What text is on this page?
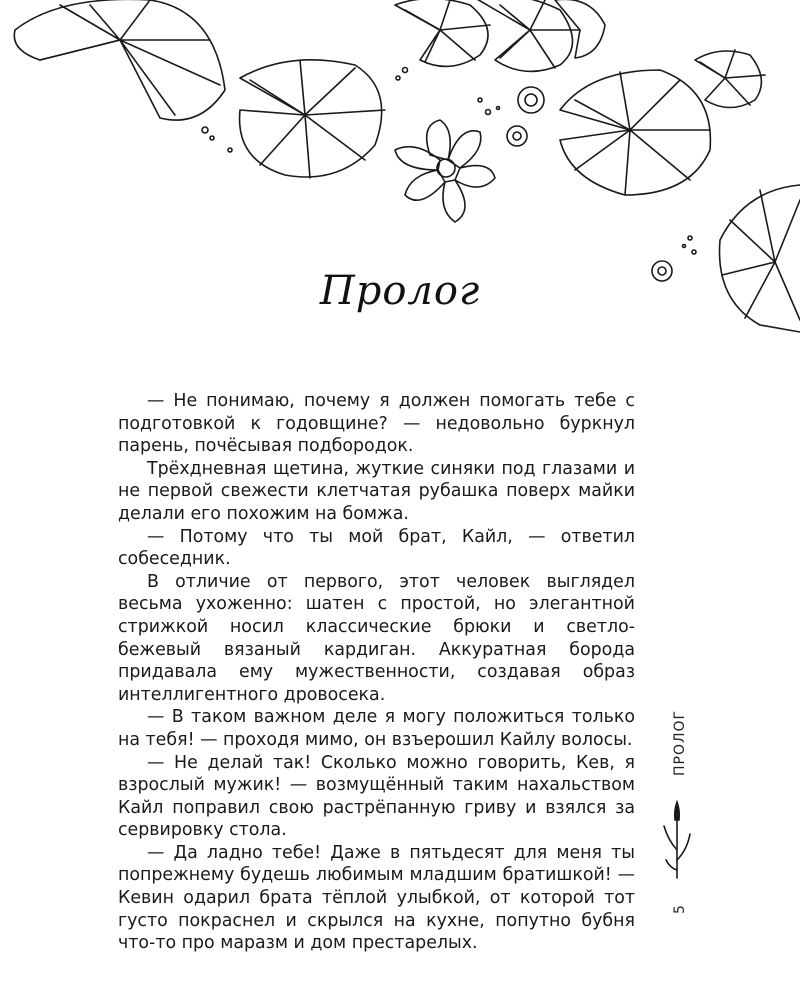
Пролог

— Не понимаю, почему я должен помогать тебе с подготовкой к годовщине? — недовольно буркнул парень, почёсывая подбородок.

Трёхдневная щетина, жуткие синяки под глазами и не первой свежести клетчатая рубашка поверх майки делали его похожим на бомжа.

— Потому что ты мой брат, Кайл, — ответил собеседник.

В отличие от первого, этот человек выглядел весьма ухоженно: шатен с простой, но элегантной стрижкой носил классические брюки и светло-бежевый вязаный кардиган. Аккуратная борода придавала ему мужественности, создавая образ интеллигентного дровосека.

— В таком важном деле я могу положиться только на тебя! — проходя мимо, он взъерошил Кайлу волосы.

— Не делай так! Сколько можно говорить, Кев, я взрослый мужик! — возмущённый таким нахальством Кайл поправил свою растрёпанную гриву и взялся за сервировку стола.

— Да ладно тебе! Даже в пятьдесят для меня ты попрежнему будешь любимым младшим братишкой! — Кевин одарил брата тёплой улыбкой, от которой тот густо покраснел и скрылся на кухне, попутно бубня что-то про маразм и дом престарелых.

ПРОЛОГ
5
